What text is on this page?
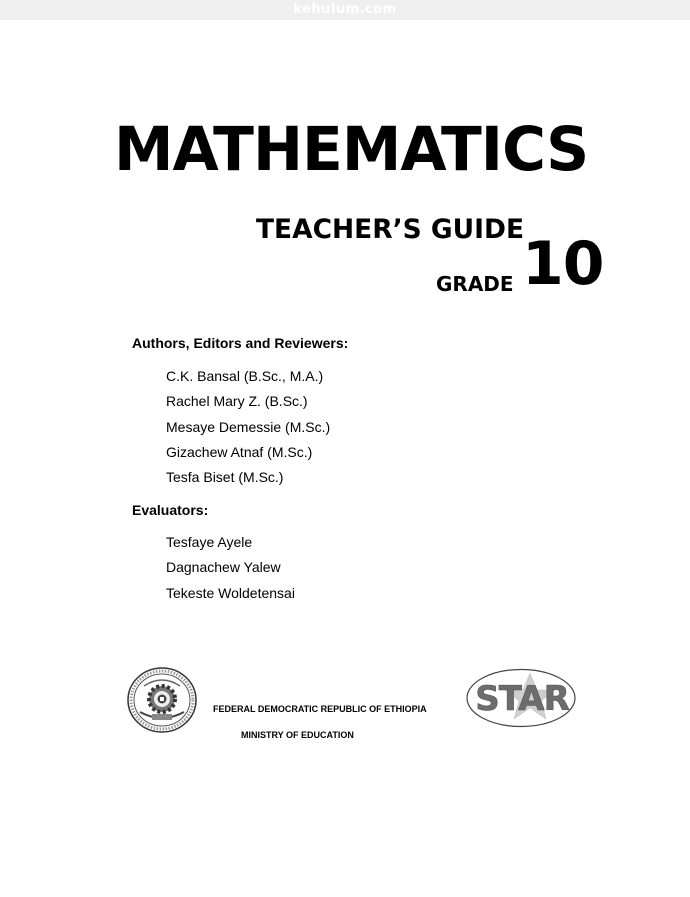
kehulum.com
MATHEMATICS
TEACHER’S GUIDE
GRADE 10
Authors, Editors and Reviewers:
C.K. Bansal (B.Sc., M.A.)
Rachel Mary Z. (B.Sc.)
Mesaye Demessie (M.Sc.)
Gizachew Atnaf (M.Sc.)
Tesfa Biset (M.Sc.)
Evaluators:
Tesfaye Ayele
Dagnachew Yalew
Tekeste Woldetensai
FEDERAL DEMOCRATIC REPUBLIC OF ETHIOPIA
MINISTRY OF EDUCATION
STAR
